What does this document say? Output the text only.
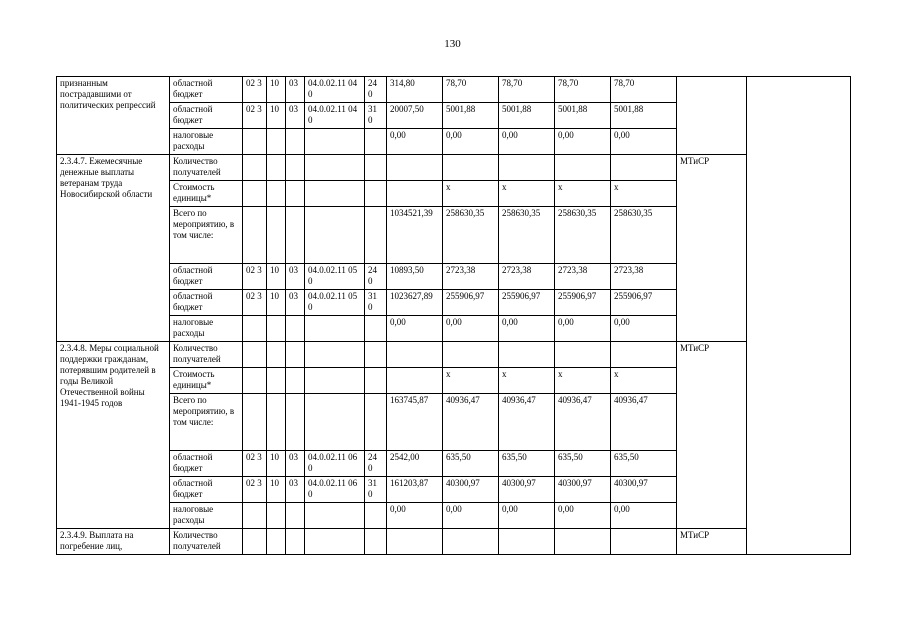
130
признанным пострадавшими от политических репрессий	областной бюджет	02 3	10	03	04.0.02.11 040	24 0	314,80	78,70	78,70	78,70	78,70		
	областной бюджет	02 3	10	03	04.0.02.11 040	31 0	20007,50	5001,88	5001,88	5001,88	5001,88		
	налоговые расходы						0,00	0,00	0,00	0,00	0,00		
2.3.4.7. Ежемесячные денежные выплаты ветеранам труда Новосибирской области	Количество получателей											МТиСР	
	Стоимость единицы*							х	х	х	х		
	Всего по мероприятию, в том числе:						1034521,39	258630,35	258630,35	258630,35	258630,35		
	областной бюджет	02 3	10	03	04.0.02.11 050	24 0	10893,50	2723,38	2723,38	2723,38	2723,38		
	областной бюджет	02 3	10	03	04.0.02.11 050	31 0	1023627,89	255906,97	255906,97	255906,97	255906,97		
	налоговые расходы						0,00	0,00	0,00	0,00	0,00		
2.3.4.8. Меры социальной поддержки гражданам, потерявшим родителей в годы Великой Отечественной войны 1941-1945 годов	Количество получателей											МТиСР	
	Стоимость единицы*							х	х	х	х		
	Всего по мероприятию, в том числе:						163745,87	40936,47	40936,47	40936,47	40936,47		
	областной бюджет	02 3	10	03	04.0.02.11 060	24 0	2542,00	635,50	635,50	635,50	635,50		
	областной бюджет	02 3	10	03	04.0.02.11 060	31 0	161203,87	40300,97	40300,97	40300,97	40300,97		
	налоговые расходы						0,00	0,00	0,00	0,00	0,00		
2.3.4.9. Выплата на погребение лиц,	Количество получателей											МТиСР	
